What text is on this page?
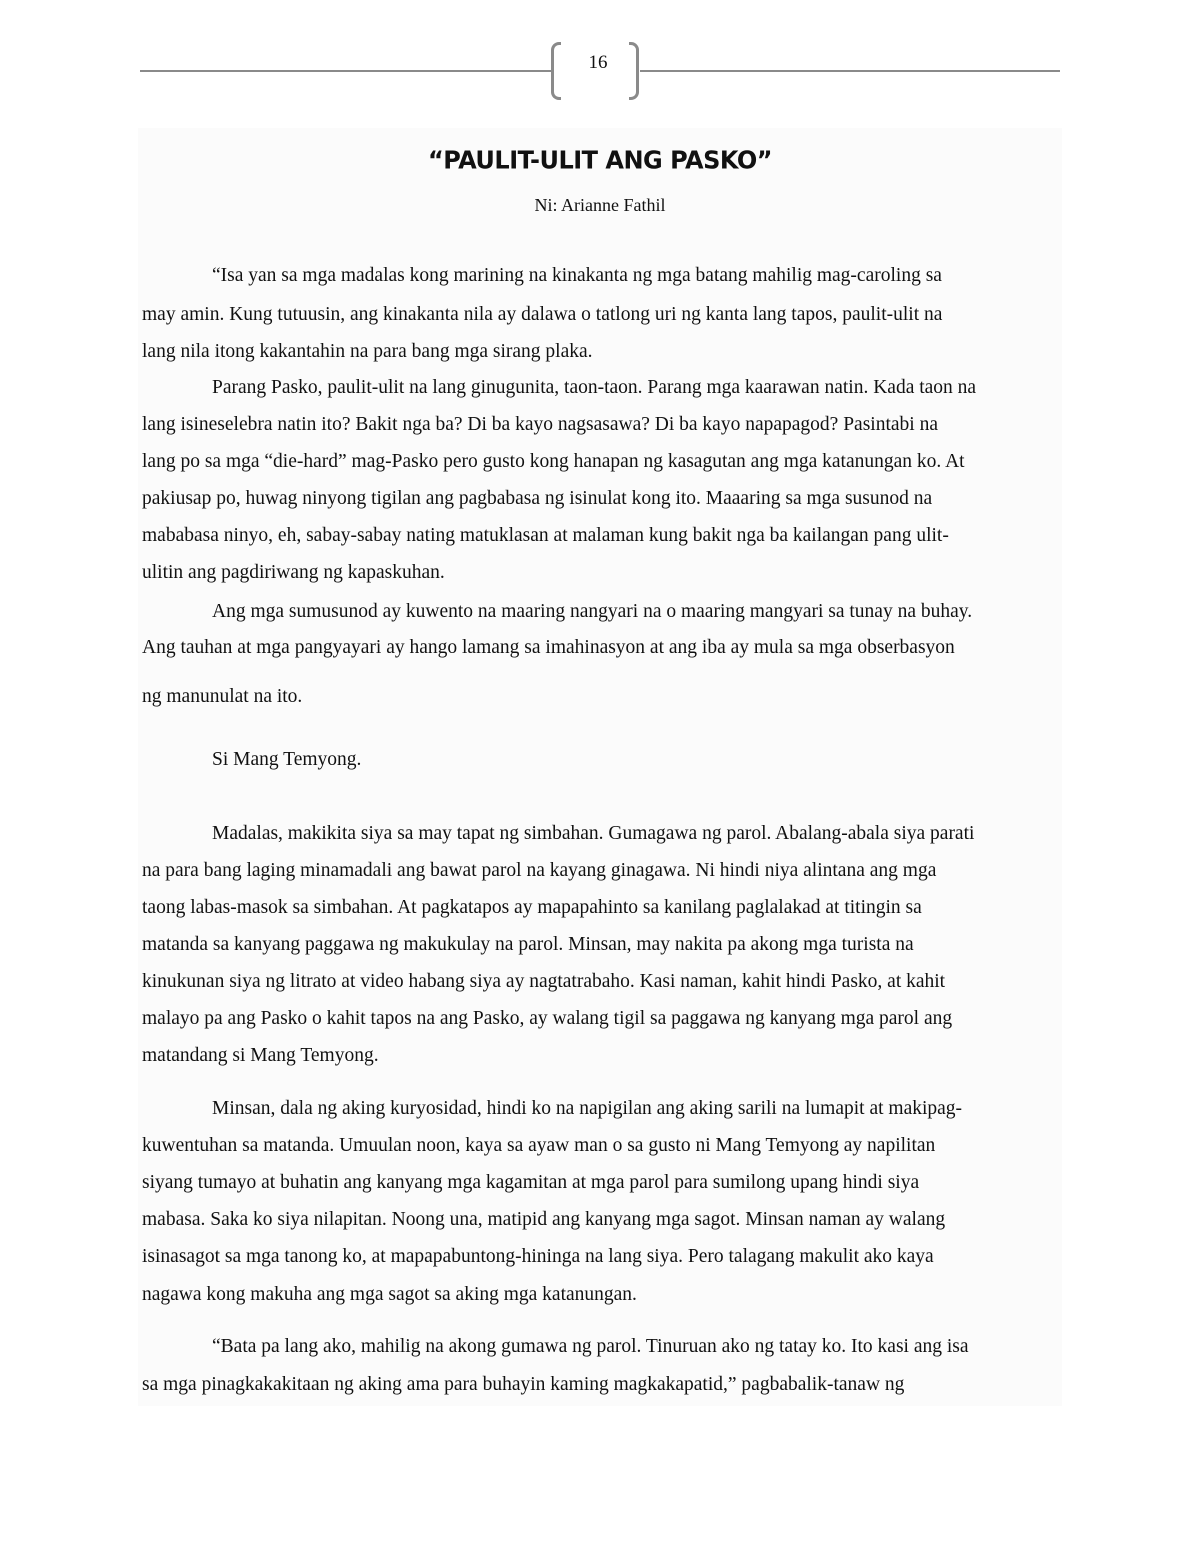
16
“PAULIT-ULIT ANG PASKO”
Ni: Arianne Fathil
“Isa yan sa mga madalas kong marining na kinakanta ng mga batang mahilig mag-caroling sa
may amin. Kung tutuusin, ang kinakanta nila ay dalawa o tatlong uri ng kanta lang tapos, paulit-ulit na
lang nila itong kakantahin na para bang mga sirang plaka.
Parang Pasko, paulit-ulit na lang ginugunita, taon-taon. Parang mga kaarawan natin. Kada taon na
lang isineselebra natin ito? Bakit nga ba? Di ba kayo nagsasawa? Di ba kayo napapagod? Pasintabi na
lang po sa mga “die-hard” mag-Pasko pero gusto kong hanapan ng kasagutan ang mga katanungan ko. At
pakiusap po, huwag ninyong tigilan ang pagbabasa ng isinulat kong ito. Maaaring sa mga susunod na
mababasa ninyo, eh, sabay-sabay nating matuklasan at malaman kung bakit nga ba kailangan pang ulit-
ulitin ang pagdiriwang ng kapaskuhan.
Ang mga sumusunod ay kuwento na maaring nangyari na o maaring mangyari sa tunay na buhay.
Ang tauhan at mga pangyayari ay hango lamang sa imahinasyon at ang iba ay mula sa mga obserbasyon
ng manunulat na ito.
Si Mang Temyong.
Madalas, makikita siya sa may tapat ng simbahan. Gumagawa ng parol. Abalang-abala siya parati
na para bang laging minamadali ang bawat parol na kayang ginagawa. Ni hindi niya alintana ang mga
taong labas-masok sa simbahan. At pagkatapos ay mapapahinto sa kanilang paglalakad at titingin sa
matanda sa kanyang paggawa ng makukulay na parol. Minsan, may nakita pa akong mga turista na
kinukunan siya ng litrato at video habang siya ay nagtatrabaho. Kasi naman, kahit hindi Pasko, at kahit
malayo pa ang Pasko o kahit tapos na ang Pasko, ay walang tigil sa paggawa ng kanyang mga parol ang
matandang si Mang Temyong.
Minsan, dala ng aking kuryosidad, hindi ko na napigilan ang aking sarili na lumapit at makipag-
kuwentuhan sa matanda. Umuulan noon, kaya sa ayaw man o sa gusto ni Mang Temyong ay napilitan
siyang tumayo at buhatin ang kanyang mga kagamitan at mga parol para sumilong upang hindi siya
mabasa. Saka ko siya nilapitan. Noong una, matipid ang kanyang mga sagot. Minsan naman ay walang
isinasagot sa mga tanong ko, at mapapabuntong-hininga na lang siya. Pero talagang makulit ako kaya
nagawa kong makuha ang mga sagot sa aking mga katanungan.
“Bata pa lang ako, mahilig na akong gumawa ng parol. Tinuruan ako ng tatay ko. Ito kasi ang isa
sa mga pinagkakakitaan ng aking ama para buhayin kaming magkakapatid,” pagbabalik-tanaw ng
